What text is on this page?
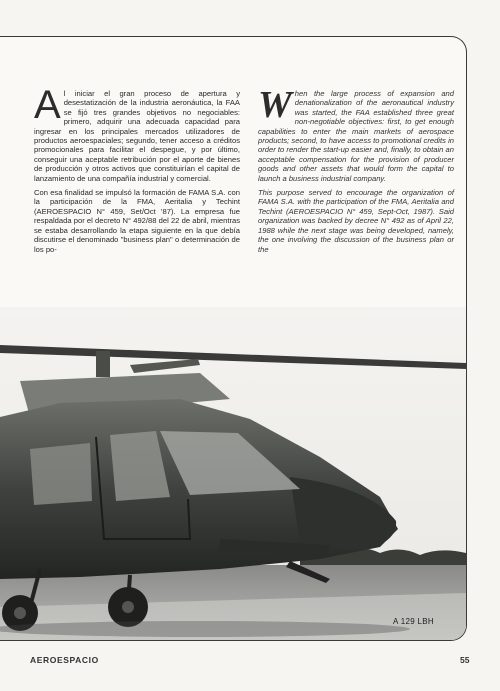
Al iniciar el gran proceso de apertura y desestatización de la industria aeronáutica, la FAA se fijó tres grandes objetivos no negociables: primero, adquirir una adecuada capacidad para ingresar en los principales mercados utilizadores de productos aeroespaciales; segundo, tener acceso a créditos promocionales para facilitar el despegue, y por último, conseguir una aceptable retribución por el aporte de bienes de producción y otros activos que constituirían el capital de lanzamiento de una compañía industrial y comercial.

Con esa finalidad se impulsó la formación de FAMA S.A. con la participación de la FMA, Aeritalia y Techint (AEROESPACIO N° 459, Set/Oct '87). La empresa fue respaldada por el decreto N° 492/88 del 22 de abril, mientras se estaba desarrollando la etapa siguiente en la que debía discutirse el denominado "business plan" o determinación de los po-

When the large process of expansion and denationalization of the aeronautical industry was started, the FAA established three great non-negotiable objectives: first, to get enough capabilities to enter the main markets of aerospace products; second, to have access to promotional credits in order to render the start-up easier and, finally, to obtain an acceptable compensation for the provision of producer goods and other assets that would form the capital to launch a business industrial company.

This purpose served to encourage the organization of FAMA S.A. with the participation of the FMA, Aeritalia and Techint (AEROESPACIO N° 459, Sept-Oct, 1987). Said organization was backed by decree N° 492 as of April 22, 1988 while the next stage was being developed, namely, the one involving the discussion of the business plan or the

A 129 LBH
AEROESPACIO	55
